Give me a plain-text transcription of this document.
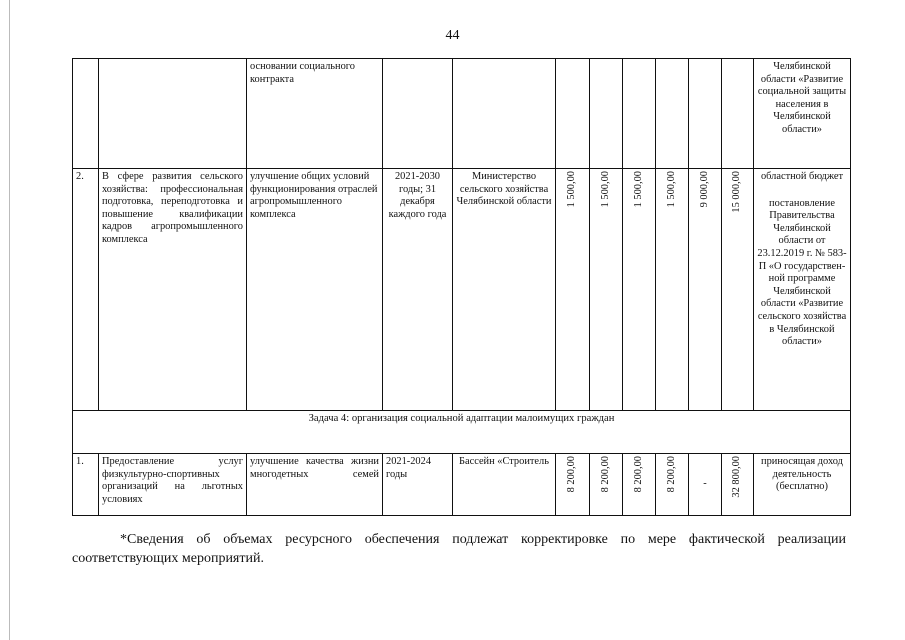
44
		основании социального контракта									Челябинской области «Развитие социальной защиты населения в Челябинской области»
2.	В сфере развития сельского хозяйства: профессиональная подготовка, переподготовка и повышение квалификации кадров агропромышленного комплекса	улучшение общих условий функционирования отраслей агропромышленного комплекса	2021-2030 годы; 31 декабря каждого года	Министерство сельского хозяйства Челябинской области	1 500,00	1 500,00	1 500,00	1 500,00	9 000,00	15 000,00	областной бюджет
постановление Правительства Челябинской области от 23.12.2019 г. № 583-П «О государствен-ной программе Челябинской области «Развитие сельского хозяйства в Челябинской области»

Задача 4: организация социальной адаптации малоимущих граждан											
1.	Предоставление услуг физкультурно-спортивных организаций на льготных условиях	улучшение качества жизни многодетных семей	2021-2024 годы	Бассейн «Строитель	8 200,00	8 200,00	8 200,00	8 200,00	-	32 800,00	приносящая доход деятельность (бесплатно)
*Сведения об объемах ресурсного обеспечения подлежат корректировке по мере фактической реализации соответствующих мероприятий.
